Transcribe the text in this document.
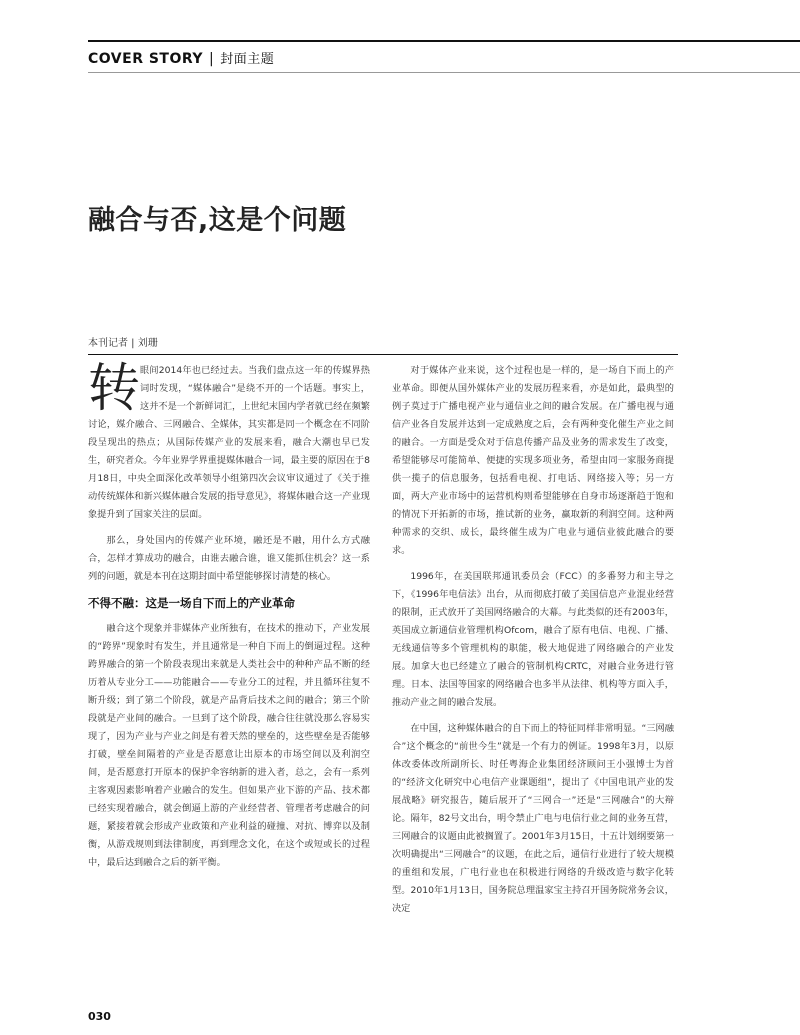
COVER STORY | 封面主题
融合与否,这是个问题
本刊记者 | 刘珊

转眼间2014年也已经过去。当我们盘点这一年的传媒界热词时发现，“媒体融合”是绕不开的一个话题。事实上，这并不是一个新鲜词汇，上世纪末国内学者就已经在频繁讨论，媒介融合、三网融合、全媒体，其实都是同一个概念在不同阶段呈现出的热点；从国际传媒产业的发展来看，融合大潮也早已发生，研究者众。今年业界学界重提媒体融合一词，最主要的原因在于8月18日，中央全面深化改革领导小组第四次会议审议通过了《关于推动传统媒体和新兴媒体融合发展的指导意见》，将媒体融合这一产业现象提升到了国家关注的层面。

那么，身处国内的传媒产业环境，融还是不融，用什么方式融合，怎样才算成功的融合，由谁去融合谁，谁又能抓住机会？这一系列的问题，就是本刊在这期封面中希望能够探讨清楚的核心。

不得不融：这是一场自下而上的产业革命

融合这个现象并非媒体产业所独有，在技术的推动下，产业发展的“跨界”现象时有发生，并且通常是一种自下而上的倒逼过程。这种跨界融合的第一个阶段表现出来就是人类社会中的种种产品不断的经历着从专业分工——功能融合——专业分工的过程，并且循环往复不断升级；到了第二个阶段，就是产品背后技术之间的融合；第三个阶段就是产业间的融合。一旦到了这个阶段，融合往往就没那么容易实现了，因为产业与产业之间是有着天然的壁垒的，这些壁垒是否能够打破，壁垒间隔着的产业是否愿意让出原本的市场空间以及利润空间，是否愿意打开原本的保护伞容纳新的进入者，总之，会有一系列主客观因素影响着产业融合的发生。但如果产业下游的产品、技术都已经实现着融合，就会倒逼上游的产业经营者、管理者考虑融合的问题，紧接着就会形成产业政策和产业利益的碰撞、对抗、博弈以及制衡，从游戏规则到法律制度，再到理念文化，在这个或短或长的过程中，最后达到融合之后的新平衡。

对于媒体产业来说，这个过程也是一样的，是一场自下而上的产业革命。即便从国外媒体产业的发展历程来看，亦是如此，最典型的例子莫过于广播电视产业与通信业之间的融合发展。在广播电视与通信产业各自发展并达到一定成熟度之后，会有两种变化催生产业之间的融合。一方面是受众对于信息传播产品及业务的需求发生了改变，希望能够尽可能简单、便捷的实现多项业务，希望由同一家服务商提供一揽子的信息服务，包括看电视、打电话、网络接入等；另一方面，两大产业市场中的运营机构则希望能够在自身市场逐渐趋于饱和的情况下开拓新的市场，推试新的业务，赢取新的利润空间。这种两种需求的交织、成长，最终催生成为广电业与通信业彼此融合的要求。

1996年，在美国联邦通讯委员会（FCC）的多番努力和主导之下，《1996年电信法》出台，从而彻底打破了美国信息产业混业经营的限制，正式放开了美国网络融合的大幕。与此类似的还有2003年，英国成立新通信业管理机构Ofcom，融合了原有电信、电视、广播、无线通信等多个管理机构的职能，极大地促进了网络融合的产业发展。加拿大也已经建立了融合的管制机构CRTC，对融合业务进行管理。日本、法国等国家的网络融合也多半从法律、机构等方面入手，推动产业之间的融合发展。

在中国，这种媒体融合的自下而上的特征同样非常明显。“三网融合”这个概念的“前世今生”就是一个有力的例证。1998年3月，以原体改委体改所副所长、时任粤海企业集团经济顾问王小强博士为首的“经济文化研究中心电信产业课题组”，提出了《中国电讯产业的发展战略》研究报告，随后展开了“三网合一”还是“三网融合”的大辩论。隔年，82号文出台，明令禁止广电与电信行业之间的业务互营，三网融合的议题由此被搁置了。2001年3月15日，十五计划纲要第一次明确提出“三网融合”的议题，在此之后，通信行业进行了较大规模的重组和发展，广电行业也在积极进行网络的升级改造与数字化转型。2010年1月13日，国务院总理温家宝主持召开国务院常务会议，决定

030
